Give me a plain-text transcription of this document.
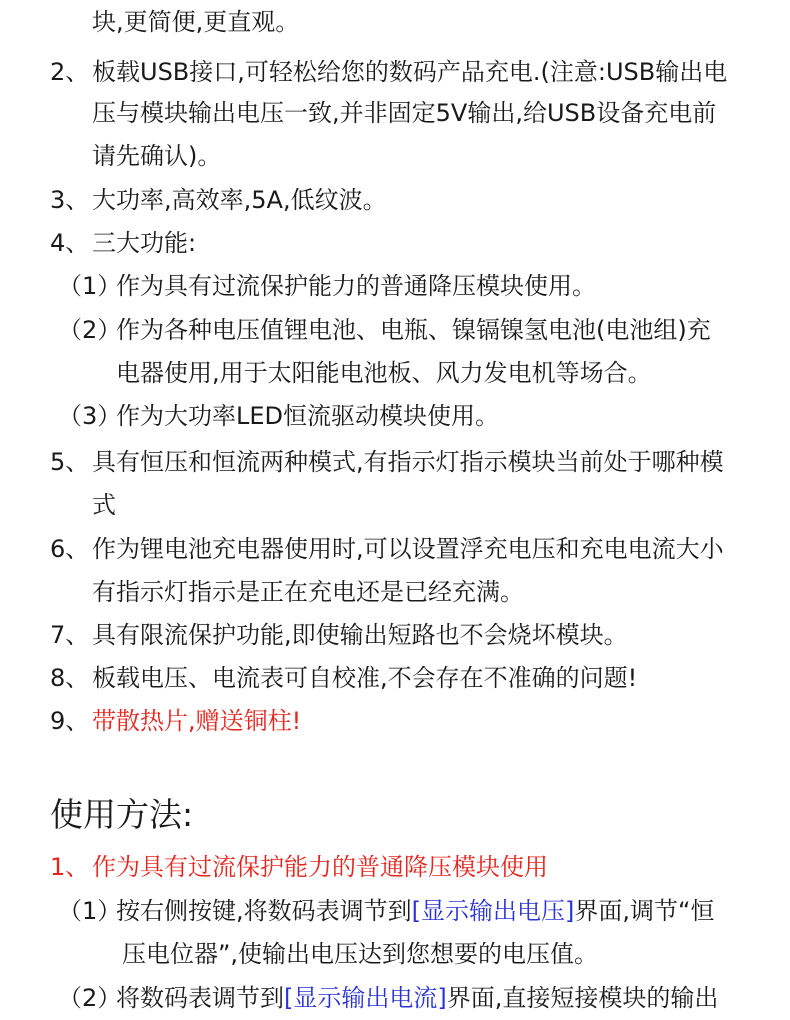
块,更简便,更直观。
2、 板载USB接口,可轻松给您的数码产品充电.(注意:USB输出电
压与模块输出电压一致,并非固定5V输出,给USB设备充电前
请先确认)。
3、 大功率,高效率,5A,低纹波。
4、 三大功能:
（1）
作为具有过流保护能力的普通降压模块使用。
（2）
作为各种电压值锂电池、电瓶、镍镉镍氢电池(电池组)充
电器使用,用于太阳能电池板、风力发电机等场合。
（3）
作为大功率LED恒流驱动模块使用。
5、 具有恒压和恒流两种模式,有指示灯指示模块当前处于哪种模
式
6、 作为锂电池充电器使用时,可以设置浮充电压和充电电流大小
有指示灯指示是正在充电还是已经充满。
7、 具有限流保护功能,即使输出短路也不会烧坏模块。
8、 板载电压、电流表可自校准,不会存在不准确的问题!
9、 带散热片,赠送铜柱!
使用方法:
1、 作为具有过流保护能力的普通降压模块使用
（1）
按右侧按键,将数码表调节到[显示输出电压]界面,调节“恒
压电位器”,使输出电压达到您想要的电压值。
（2）
将数码表调节到[显示输出电流]界面,直接短接模块的输出
